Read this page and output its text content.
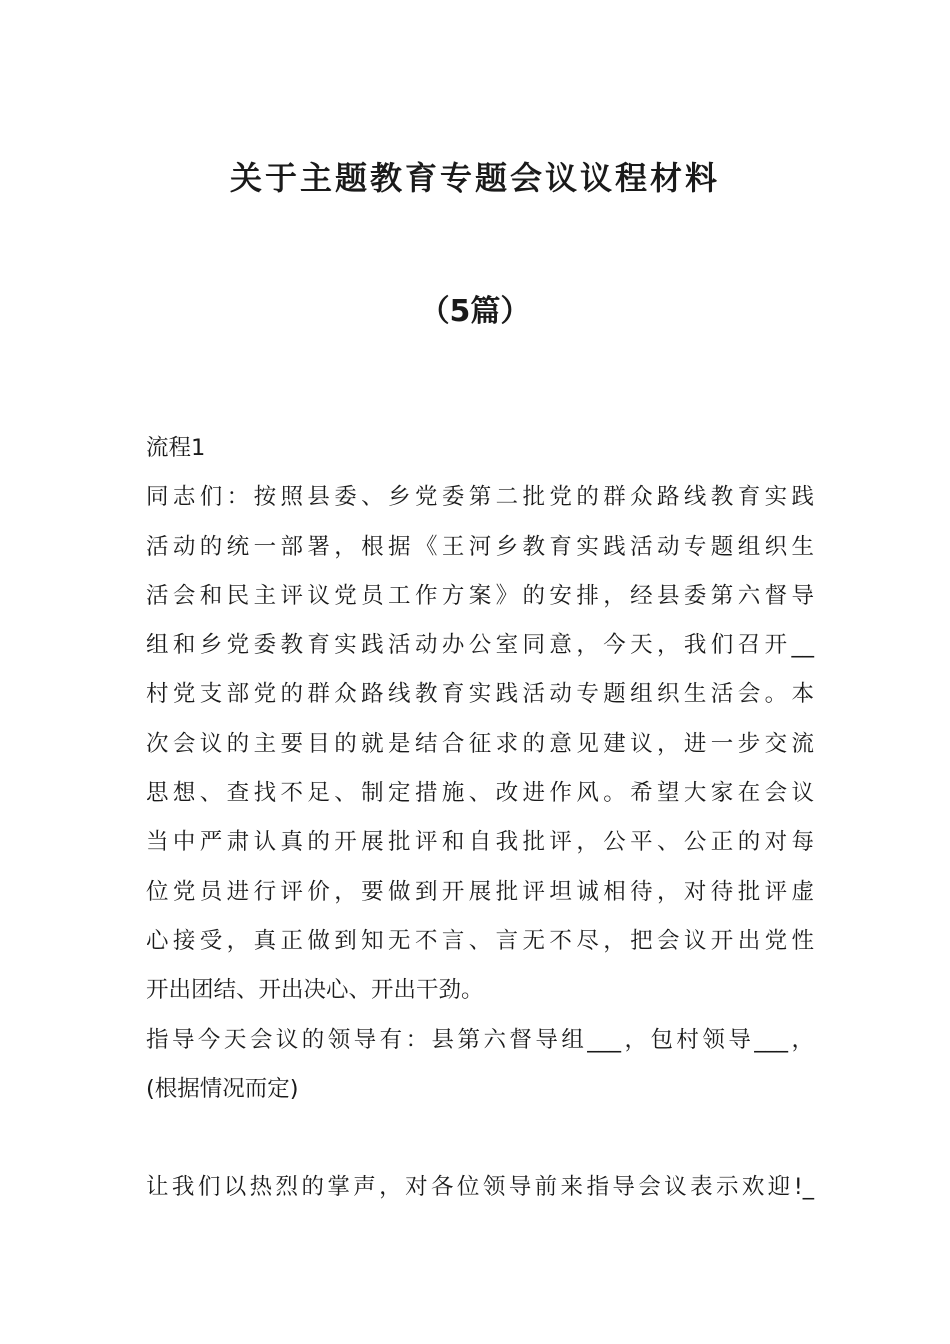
关于主题教育专题会议议程材料
（5篇）
流程1
同志们：按照县委、乡党委第二批党的群众路线教育实践
活动的统一部署，根据《王河乡教育实践活动专题组织生
活会和民主评议党员工作方案》的安排，经县委第六督导
组和乡党委教育实践活动办公室同意，今天，我们召开__
村党支部党的群众路线教育实践活动专题组织生活会。本
次会议的主要目的就是结合征求的意见建议，进一步交流
思想、查找不足、制定措施、改进作风。希望大家在会议
当中严肃认真的开展批评和自我批评，公平、公正的对每
位党员进行评价，要做到开展批评坦诚相待，对待批评虚
心接受，真正做到知无不言、言无不尽，把会议开出党性
开出团结、开出决心、开出干劲。
指导今天会议的领导有：县第六督导组___，包村领导___，
(根据情况而定)
让我们以热烈的掌声，对各位领导前来指导会议表示欢迎!_
